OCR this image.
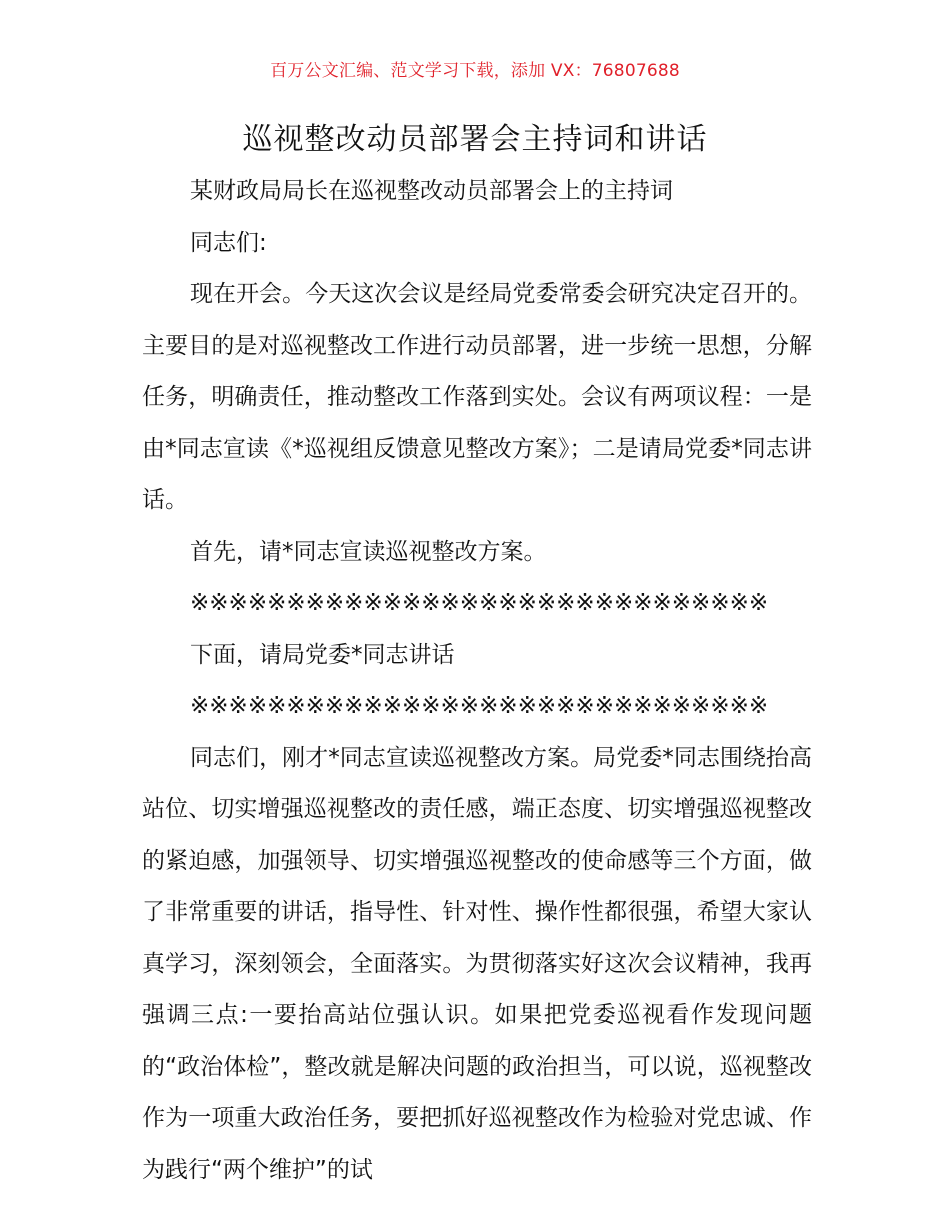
百万公文汇编、范文学习下载，添加 VX：76807688
巡视整改动员部署会主持词和讲话

某财政局局长在巡视整改动员部署会上的主持词

同志们:

现在开会。今天这次会议是经局党委常委会研究决定召开的。主要目的是对巡视整改工作进行动员部署，进一步统一思想，分解任务，明确责任，推动整改工作落到实处。会议有两项议程：一是由*同志宣读《*巡视组反馈意见整改方案》；二是请局党委*同志讲话。

首先，请*同志宣读巡视整改方案。

※※※※※※※※※※※※※※※※※※※※※※※※※※※※※※

下面，请局党委*同志讲话

※※※※※※※※※※※※※※※※※※※※※※※※※※※※※※

同志们，刚才*同志宣读巡视整改方案。局党委*同志围绕抬高站位、切实增强巡视整改的责任感，端正态度、切实增强巡视整改的紧迫感，加强领导、切实增强巡视整改的使命感等三个方面，做了非常重要的讲话，指导性、针对性、操作性都很强，希望大家认真学习，深刻领会，全面落实。为贯彻落实好这次会议精神，我再强调三点:一要抬高站位强认识。如果把党委巡视看作发现问题的“政治体检”，整改就是解决问题的政治担当，可以说，巡视整改作为一项重大政治任务，要把抓好巡视整改作为检验对党忠诚、作为践行“两个维护”的试
